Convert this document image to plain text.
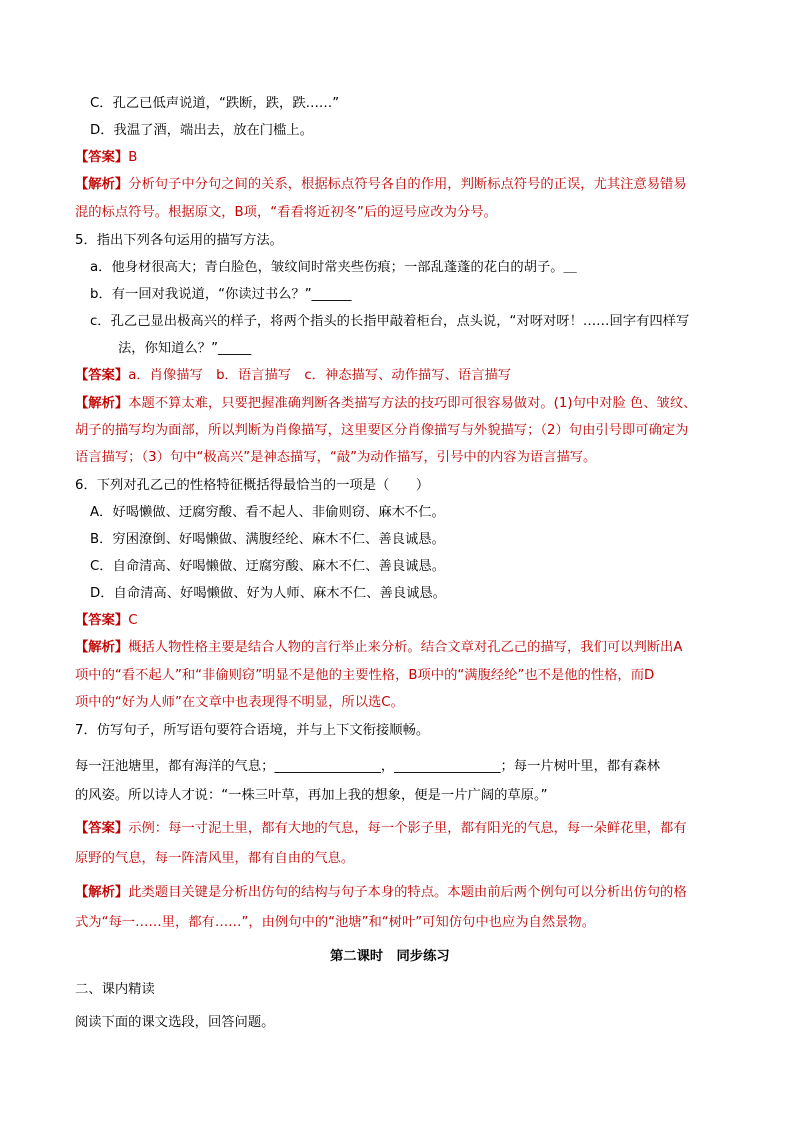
C．孔乙已低声说道，“跌断，跌，跌……”
D．我温了酒，端出去，放在门槛上。
【答案】B
【解析】分析句子中分句之间的关系，根据标点符号各自的作用，判断标点符号的正误，尤其注意易错易
混的标点符号。根据原文，B项，“看看将近初冬”后的逗号应改为分号。
5．指出下列各句运用的描写方法。
a．他身材很高大；青白脸色，皱纹间时常夹些伤痕；一部乱蓬蓬的花白的胡子。＿
b．有一回对我说道，“你读过书么？”______
c．孔乙己显出极高兴的样子，将两个指头的长指甲敲着柜台，点头说，“对呀对呀！……回字有四样写
法，你知道么？”_____
【答案】a．肖像描写　b．语言描写　c．神态描写、动作描写、语言描写
【解析】本题不算太难，只要把握准确判断各类描写方法的技巧即可很容易做对。(1)句中对脸 色、皱纹、
胡子的描写均为面部，所以判断为肖像描写，这里要区分肖像描写与外貌描写；（2）句由引号即可确定为
语言描写；（3）句中“极高兴”是神态描写，“敲”为动作描写，引号中的内容为语言描写。
6．下列对孔乙己的性格特征概括得最恰当的一项是（　　）
A．好喝懒做、迂腐穷酸、看不起人、非偷则窃、麻木不仁。
B．穷困潦倒、好喝懒做、满腹经纶、麻木不仁、善良诚恳。
C．自命清高、好喝懒做、迂腐穷酸、麻木不仁、善良诚恳。
D．自命清高、好喝懒做、好为人师、麻木不仁、善良诚恳。
【答案】C
【解析】概括人物性格主要是结合人物的言行举止来分析。结合文章对孔乙己的描写，我们可以判断出A
项中的“看不起人”和“非偷则窃”明显不是他的主要性格，B项中的“满腹经纶”也不是他的性格，而D
项中的“好为人师”在文章中也表现得不明显，所以选C。
7．仿写句子，所写语句要符合语境，并与上下文衔接顺畅。
每一汪池塘里，都有海洋的气息；________________，________________；每一片树叶里，都有森林
的风姿。所以诗人才说：“一株三叶草，再加上我的想象，便是一片广阔的草原。”
【答案】示例：每一寸泥土里，都有大地的气息，每一个影子里，都有阳光的气息，每一朵鲜花里，都有
原野的气息，每一阵清风里，都有自由的气息。
【解析】此类题目关键是分析出仿句的结构与句子本身的特点。本题由前后两个例句可以分析出仿句的格
式为“每一……里，都有……”，由例句中的“池塘”和“树叶”可知仿句中也应为自然景物。
第二课时　同步练习
二、课内精读
阅读下面的课文选段，回答问题。
